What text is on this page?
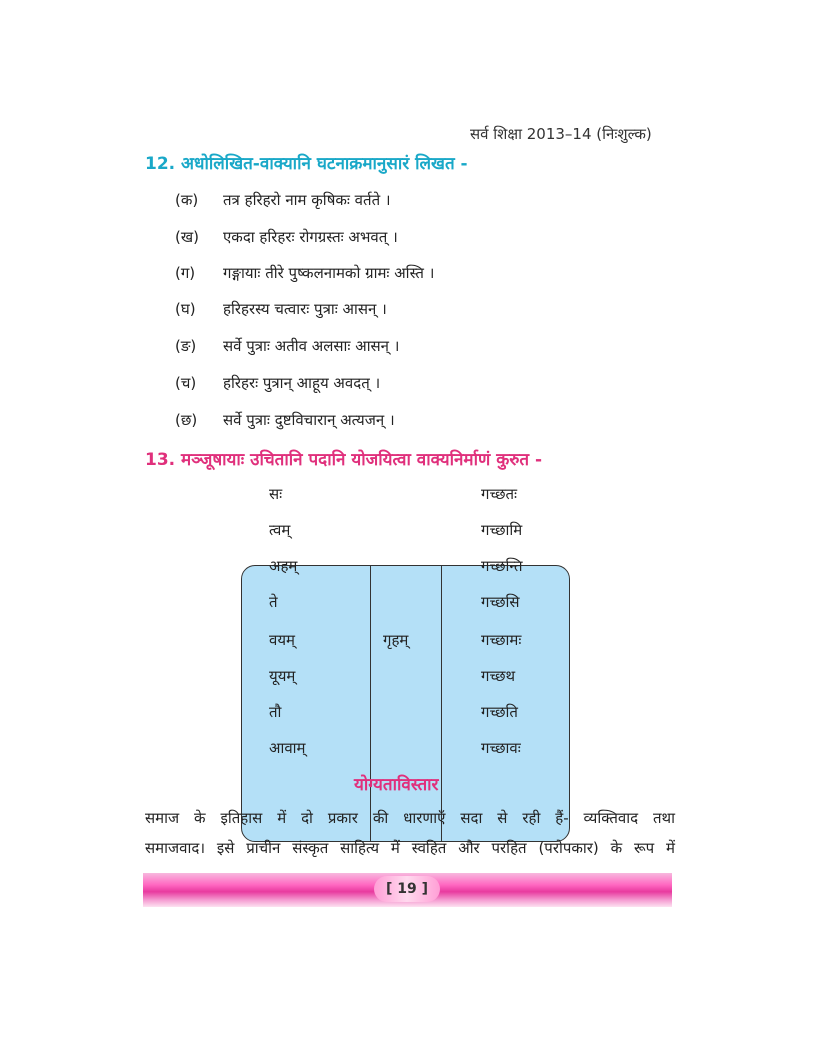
सर्व शिक्षा 2013–14 (निःशुल्क)
12. अधोलिखित-वाक्यानि घटनाक्रमानुसारं लिखत -
(क) तत्र हरिहरो नाम कृषिकः वर्तते ।
(ख) एकदा हरिहरः रोगग्रस्तः अभवत् ।
(ग) गङ्गायाः तीरे पुष्कलनामको ग्रामः अस्ति ।
(घ) हरिहरस्य चत्वारः पुत्राः आसन् ।
(ङ) सर्वे पुत्राः अतीव अलसाः आसन् ।
(च) हरिहरः पुत्रान् आहूय अवदत् ।
(छ) सर्वे पुत्राः दुष्टविचारान् अत्यजन् ।
13. मञ्जूषायाः उचितानि पदानि योजयित्वा वाक्यनिर्माणं कुरुत -
सः
त्वम्
अहम्
ते
वयम्
यूयम्
तौ
आवाम्
गृहम्
गच्छतः
गच्छामि
गच्छन्ति
गच्छसि
गच्छामः
गच्छथ
गच्छति
गच्छावः
योग्यताविस्तार
समाज के इतिहास में दो प्रकार की धारणाएँ सदा से रही हैं- व्यक्तिवाद तथा
समाजवाद। इसे प्राचीन संस्कृत साहित्य में स्वहित और परहित (परोपकार) के रूप में
[ 19 ]
